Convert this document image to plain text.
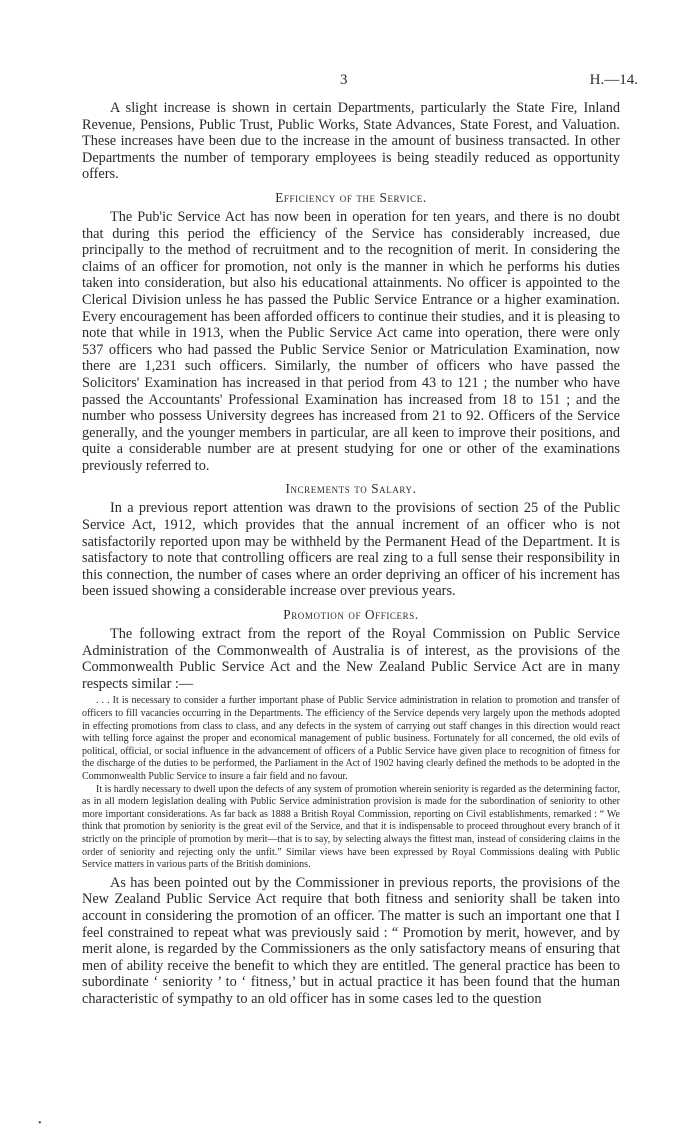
3	H.—14.

A slight increase is shown in certain Departments, particularly the State Fire, Inland Revenue, Pensions, Public Trust, Public Works, State Advances, State Forest, and Valuation. These increases have been due to the increase in the amount of business transacted. In other Departments the number of temporary employees is being steadily reduced as opportunity offers.

Efficiency of the Service.

The Pub'ic Service Act has now been in operation for ten years, and there is no doubt that during this period the efficiency of the Service has considerably increased, due principally to the method of recruitment and to the recognition of merit. In considering the claims of an officer for promotion, not only is the manner in which he performs his duties taken into consideration, but also his educational attainments. No officer is appointed to the Clerical Division unless he has passed the Public Service Entrance or a higher examination. Every encouragement has been afforded officers to continue their studies, and it is pleasing to note that while in 1913, when the Public Service Act came into operation, there were only 537 officers who had passed the Public Service Senior or Matriculation Examination, now there are 1,231 such officers. Similarly, the number of officers who have passed the Solicitors' Examination has increased in that period from 43 to 121 ; the number who have passed the Accountants' Professional Examination has increased from 18 to 151 ; and the number who possess University degrees has increased from 21 to 92. Officers of the Service generally, and the younger members in particular, are all keen to improve their positions, and quite a considerable number are at present studying for one or other of the examinations previously referred to.

Increments to Salary.

In a previous report attention was drawn to the provisions of section 25 of the Public Service Act, 1912, which provides that the annual increment of an officer who is not satisfactorily reported upon may be withheld by the Permanent Head of the Department. It is satisfactory to note that controlling officers are real zing to a full sense their responsibility in this connection, the number of cases where an order depriving an officer of his increment has been issued showing a considerable increase over previous years.

Promotion of Officers.

The following extract from the report of the Royal Commission on Public Service Administration of the Commonwealth of Australia is of interest, as the provisions of the Commonwealth Public Service Act and the New Zealand Public Service Act are in many respects similar :—

. . . It is necessary to consider a further important phase of Public Service administration in relation to promotion and transfer of officers to fill vacancies occurring in the Departments. The efficiency of the Service depends very largely upon the methods adopted in effecting promotions from class to class, and any defects in the system of carrying out staff changes in this direction would react with telling force against the proper and economical management of public business. Fortunately for all concerned, the old evils of political, official, or social influence in the advancement of officers of a Public Service have given place to recognition of fitness for the discharge of the duties to be performed, the Parliament in the Act of 1902 having clearly defined the methods to be adopted in the Commonwealth Public Service to insure a fair field and no favour.

It is hardly necessary to dwell upon the defects of any system of promotion wherein seniority is regarded as the determining factor, as in all modern legislation dealing with Public Service administration provision is made for the subordination of seniority to other more important considerations. As far back as 1888 a British Royal Commission, reporting on Civil establishments, remarked : “ We think that promotion by seniority is the great evil of the Service, and that it is indispensable to proceed throughout every branch of it strictly on the principle of promotion by merit—that is to say, by selecting always the fittest man, instead of considering claims in the order of seniority and rejecting only the unfit.” Similar views have been expressed by Royal Commissions dealing with Public Service matters in various parts of the British dominions.

As has been pointed out by the Commissioner in previous reports, the provisions of the New Zealand Public Service Act require that both fitness and seniority shall be taken into account in considering the promotion of an officer. The matter is such an important one that I feel constrained to repeat what was previously said : “ Promotion by merit, however, and by merit alone, is regarded by the Commissioners as the only satisfactory means of ensuring that men of ability receive the benefit to which they are entitled. The general practice has been to subordinate ‘ seniority ’ to ‘ fitness,’ but in actual practice it has been found that the human characteristic of sympathy to an old officer has in some cases led to the question

•
